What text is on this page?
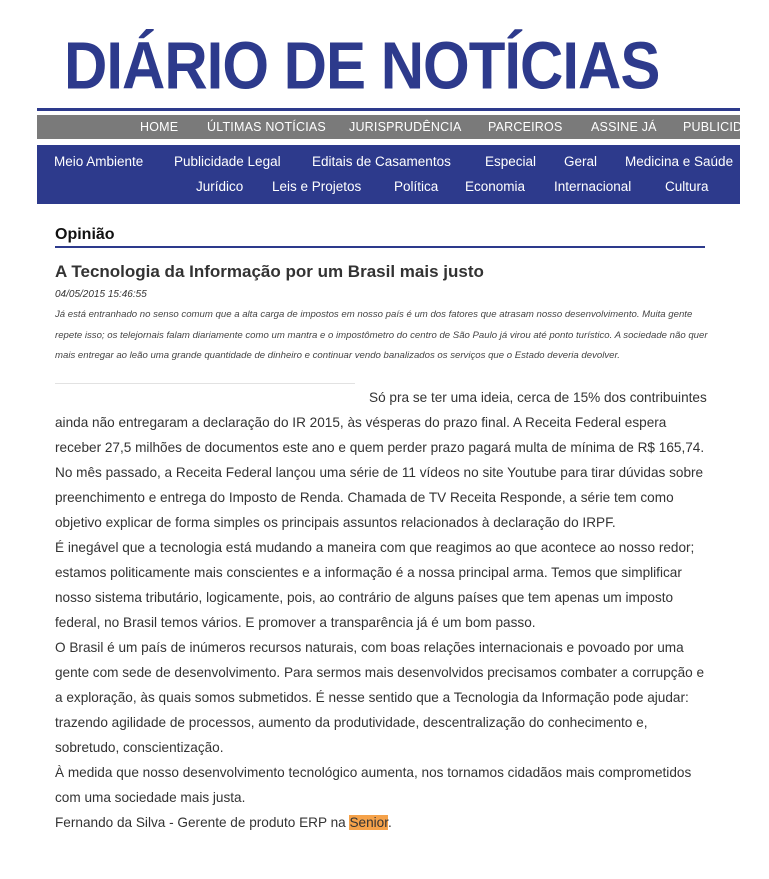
DIÁRIO DE NOTÍCIAS
HOME ÚLTIMAS NOTÍCIAS JURISPRUDÊNCIA PARCEIROS ASSINE JÁ PUBLICIDADE
Meio Ambiente Publicidade Legal Editais de Casamentos	Especial Geral Medicina e Saúde
Jurídico Leis e Projetos Política Economia Internacional Cultura
Opinião
A Tecnologia da Informação por um Brasil mais justo
04/05/2015 15:46:55
Já está entranhado no senso comum que a alta carga de impostos em nosso país é um dos fatores que atrasam nosso desenvolvimento. Muita gente repete isso; os telejornais falam diariamente como um mantra e o impostômetro do centro de São Paulo já virou até ponto turístico. A sociedade não quer mais entregar ao leão uma grande quantidade de dinheiro e continuar vendo banalizados os serviços que o Estado deveria devolver.

Só pra se ter uma ideia, cerca de 15% dos contribuintes ainda não entregaram a declaração do IR 2015, às vésperas do prazo final. A Receita Federal espera receber 27,5 milhões de documentos este ano e quem perder prazo pagará multa de mínima de R$ 165,74.

No mês passado, a Receita Federal lançou uma série de 11 vídeos no site Youtube para tirar dúvidas sobre preenchimento e entrega do Imposto de Renda. Chamada de TV Receita Responde, a série tem como objetivo explicar de forma simples os principais assuntos relacionados à declaração do IRPF.

É inegável que a tecnologia está mudando a maneira com que reagimos ao que acontece ao nosso redor; estamos politicamente mais conscientes e a informação é a nossa principal arma. Temos que simplificar nosso sistema tributário, logicamente, pois, ao contrário de alguns países que tem apenas um imposto federal, no Brasil temos vários. E promover a transparência já é um bom passo.

O Brasil é um país de inúmeros recursos naturais, com boas relações internacionais e povoado por uma gente com sede de desenvolvimento. Para sermos mais desenvolvidos precisamos combater a corrupção e a exploração, às quais somos submetidos. É nesse sentido que a Tecnologia da Informação pode ajudar: trazendo agilidade de processos, aumento da produtividade, descentralização do conhecimento e, sobretudo, conscientização.

À medida que nosso desenvolvimento tecnológico aumenta, nos tornamos cidadãos mais comprometidos com uma sociedade mais justa.

Fernando da Silva - Gerente de produto ERP na Senior.
